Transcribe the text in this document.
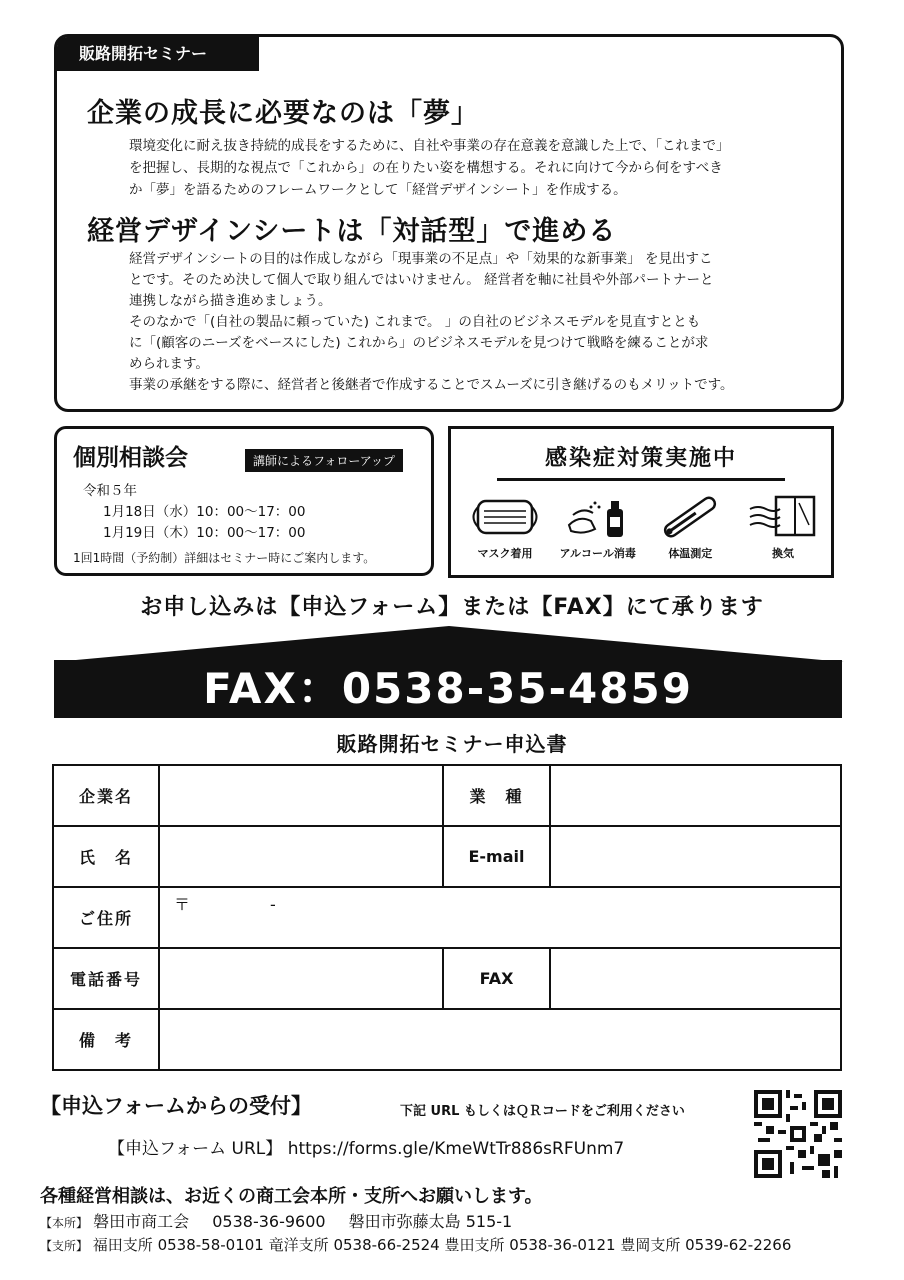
販路開拓セミナー
企業の成長に必要なのは「夢」
環境変化に耐え抜き持続的成長をするために、自社や事業の存在意義を意識した上で、「これまで」
を把握し、長期的な視点で「これから」の在りたい姿を構想する。それに向けて今から何をすべき
か「夢」を語るためのフレームワークとして「経営デザインシート」を作成する。
経営デザインシートは「対話型」で進める
経営デザインシートの目的は作成しながら「現事業の不足点」や「効果的な新事業」 を見出すこ
とです。そのため決して個人で取り組んではいけません。 経営者を軸に社員や外部パートナーと
連携しながら描き進めましょう。
そのなかで「(自社の製品に頼っていた) これまで。 」の自社のビジネスモデルを見直すととも
に「(顧客のニーズをベースにした) これから」のビジネスモデルを見つけて戦略を練ることが求
められます。
事業の承継をする際に、経営者と後継者で作成することでスムーズに引き継げるのもメリットです。
個別相談会	講師によるフォローアップ
令和５年
1月18日（水）10：00～17：00
1月19日（木）10：00～17：00
1回1時間（予約制）詳細はセミナー時にご案内します。
感染症対策実施中
マスク着用	アルコール消毒	体温測定	換気
お申し込みは【申込フォーム】または【FAX】にて承ります
FAX：0538-35-4859
販路開拓セミナー申込書
企業名		業　種	
氏　名		E-mail	
ご住所	〒　　　　　-		
電話番号		FAX	
備　考			
【申込フォームからの受付】	下記 URL もしくはＱＲコードをご利用ください
【申込フォーム URL】 https://forms.gle/KmeWtTr886sRFUnm7
各種経営相談は、お近くの商工会本所・支所へお願いします。
【本所】 磐田市商工会 0538-36-9600 磐田市弥藤太島 515-1
【支所】 福田支所 0538-58-0101 竜洋支所 0538-66-2524 豊田支所 0538-36-0121 豊岡支所 0539-62-2266
